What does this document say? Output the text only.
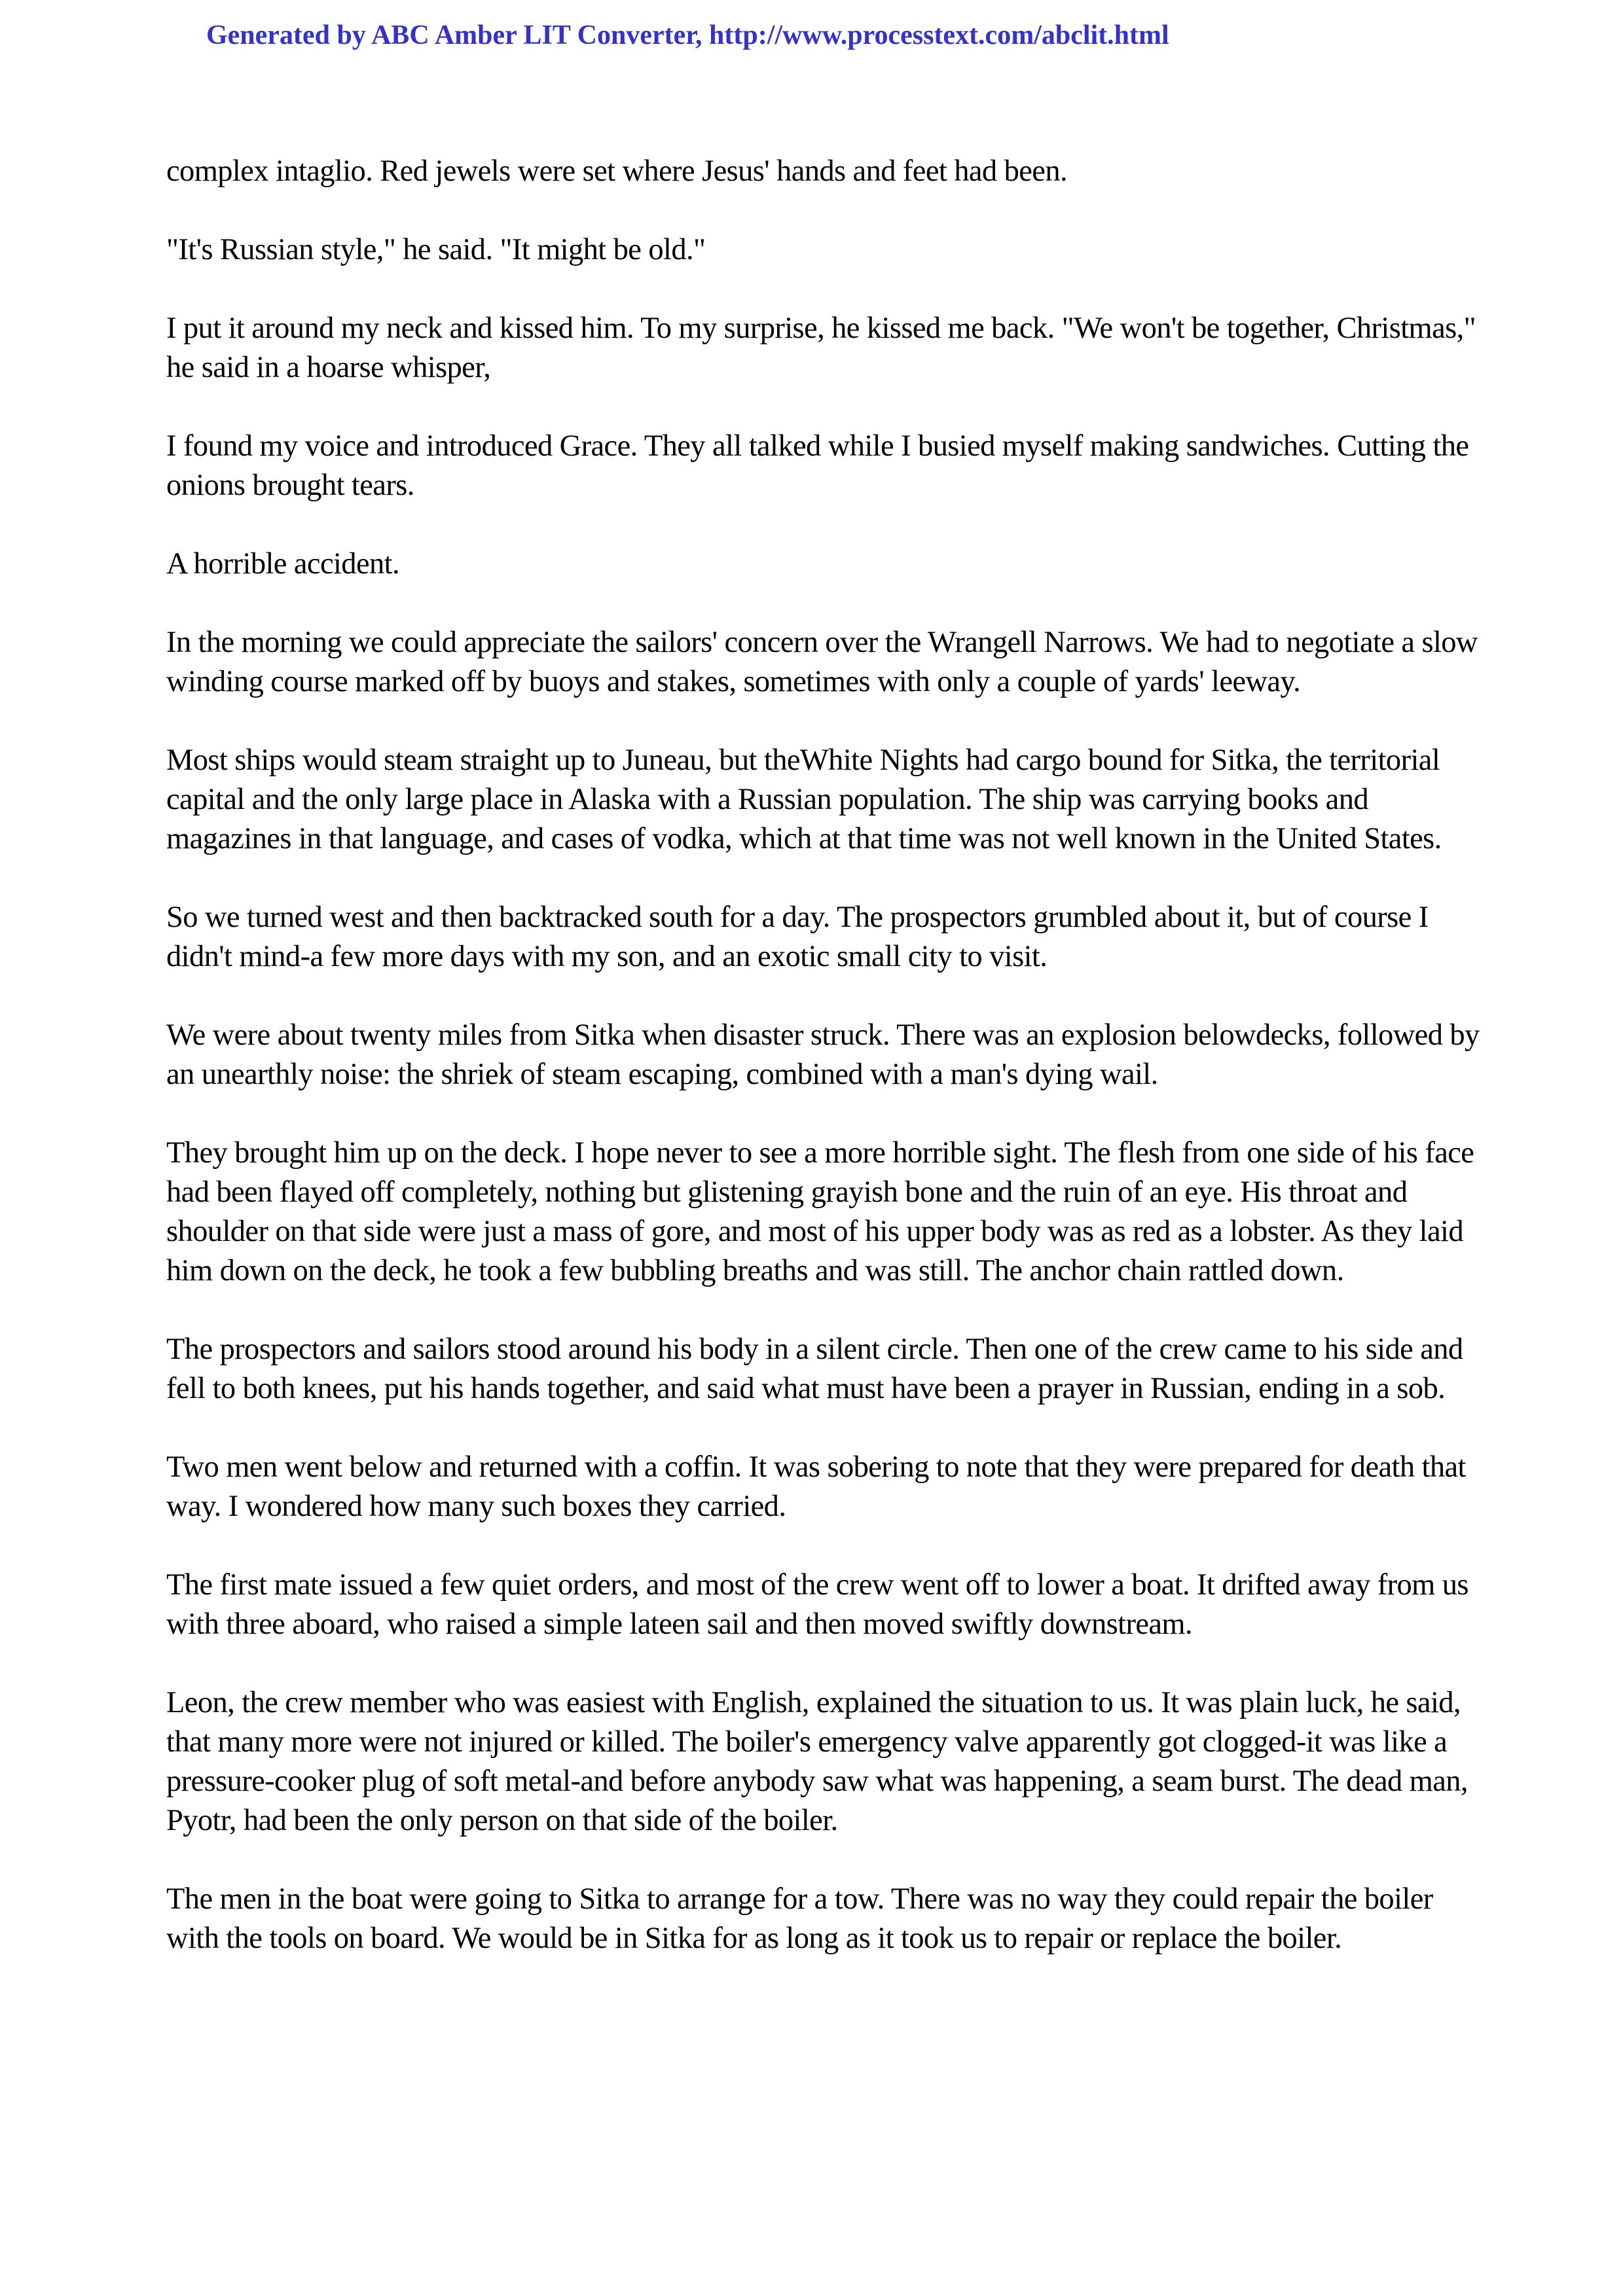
Generated by ABC Amber LIT Converter, http://www.processtext.com/abclit.html

complex intaglio. Red jewels were set where Jesus' hands and feet had been.

"It's Russian style," he said. "It might be old."

I put it around my neck and kissed him. To my surprise, he kissed me back. "We won't be together, Christmas," he said in a hoarse whisper,

I found my voice and introduced Grace. They all talked while I busied myself making sandwiches. Cutting the onions brought tears.

A horrible accident.

In the morning we could appreciate the sailors' concern over the Wrangell Narrows. We had to negotiate a slow winding course marked off by buoys and stakes, sometimes with only a couple of yards' leeway.

Most ships would steam straight up to Juneau, but theWhite Nights had cargo bound for Sitka, the territorial capital and the only large place in Alaska with a Russian population. The ship was carrying books and magazines in that language, and cases of vodka, which at that time was not well known in the United States.

So we turned west and then backtracked south for a day. The prospectors grumbled about it, but of course I didn't mind-a few more days with my son, and an exotic small city to visit.

We were about twenty miles from Sitka when disaster struck. There was an explosion belowdecks, followed by an unearthly noise: the shriek of steam escaping, combined with a man's dying wail.

They brought him up on the deck. I hope never to see a more horrible sight. The flesh from one side of his face had been flayed off completely, nothing but glistening grayish bone and the ruin of an eye. His throat and shoulder on that side were just a mass of gore, and most of his upper body was as red as a lobster. As they laid him down on the deck, he took a few bubbling breaths and was still. The anchor chain rattled down.

The prospectors and sailors stood around his body in a silent circle. Then one of the crew came to his side and fell to both knees, put his hands together, and said what must have been a prayer in Russian, ending in a sob.

Two men went below and returned with a coffin. It was sobering to note that they were prepared for death that way. I wondered how many such boxes they carried.

The first mate issued a few quiet orders, and most of the crew went off to lower a boat. It drifted away from us with three aboard, who raised a simple lateen sail and then moved swiftly downstream.

Leon, the crew member who was easiest with English, explained the situation to us. It was plain luck, he said, that many more were not injured or killed. The boiler's emergency valve apparently got clogged-it was like a pressure-cooker plug of soft metal-and before anybody saw what was happening, a seam burst. The dead man, Pyotr, had been the only person on that side of the boiler.

The men in the boat were going to Sitka to arrange for a tow. There was no way they could repair the boiler with the tools on board. We would be in Sitka for as long as it took us to repair or replace the boiler.
